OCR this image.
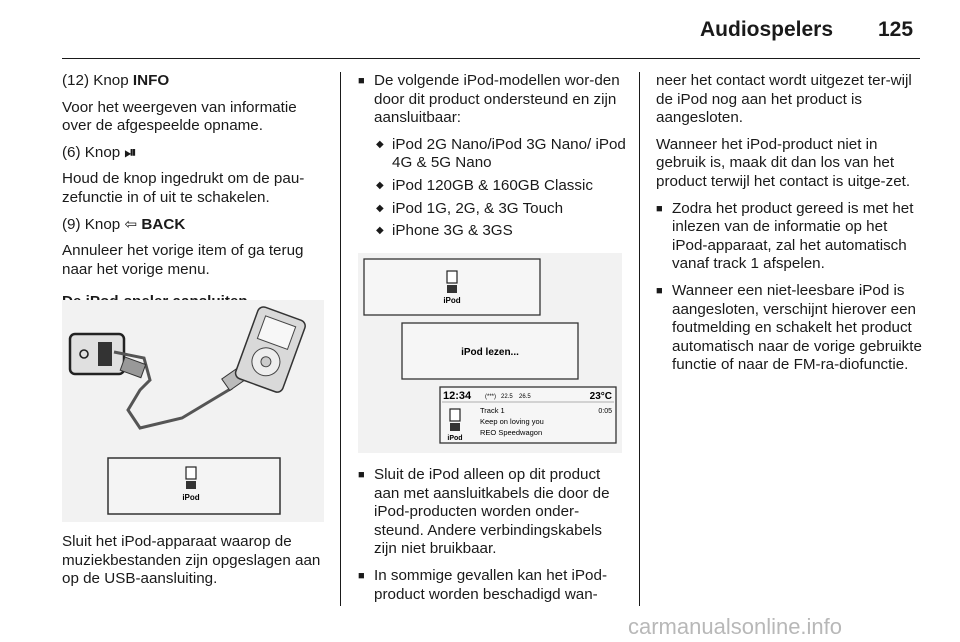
Audiospelers 125

(12) Knop INFO

Voor het weergeven van informatie over de afgespeelde opname.

(6) Knop ⏯

Houd de knop ingedrukt om de pau-zefunctie in of uit te schakelen.

(9) Knop ⇦ BACK

Annuleer het vorige item of ga terug naar het vorige menu.

iPod

Sluit het iPod-apparaat waarop de muziekbestanden zijn opgeslagen aan op de USB-aansluiting.

■ De volgende iPod-modellen wor-den door dit product ondersteund en zijn aansluitbaar:
◆ iPod 2G Nano/iPod 3G Nano/ iPod 4G & 5G Nano
◆ iPod 120GB & 160GB Classic
◆ iPod 1G, 2G, & 3G Touch
◆ iPhone 3G & 3GS
iPod
iPod lezen...
12:34 (***) 22.5 26.5	23°C
iPod
Track 1
Keep on loving you
REO Speedwagon
0:05
■ Sluit de iPod alleen op dit product aan met aansluitkabels die door de iPod-producten worden onder-steund. Andere verbindingskabels zijn niet bruikbaar.
■ In sommige gevallen kan het iPod-product worden beschadigd wan-

neer het contact wordt uitgezet ter-wijl de iPod nog aan het product is aangesloten.

Wanneer het iPod-product niet in gebruik is, maak dit dan los van het product terwijl het contact is uitge-zet.

■ Zodra het product gereed is met het inlezen van de informatie op het iPod-apparaat, zal het automatisch vanaf track 1 afspelen.
■ Wanneer een niet-leesbare iPod is aangesloten, verschijnt hierover een foutmelding en schakelt het product automatisch naar de vorige gebruikte functie of naar de FM-ra-diofunctie.
carmanualsonline.info
